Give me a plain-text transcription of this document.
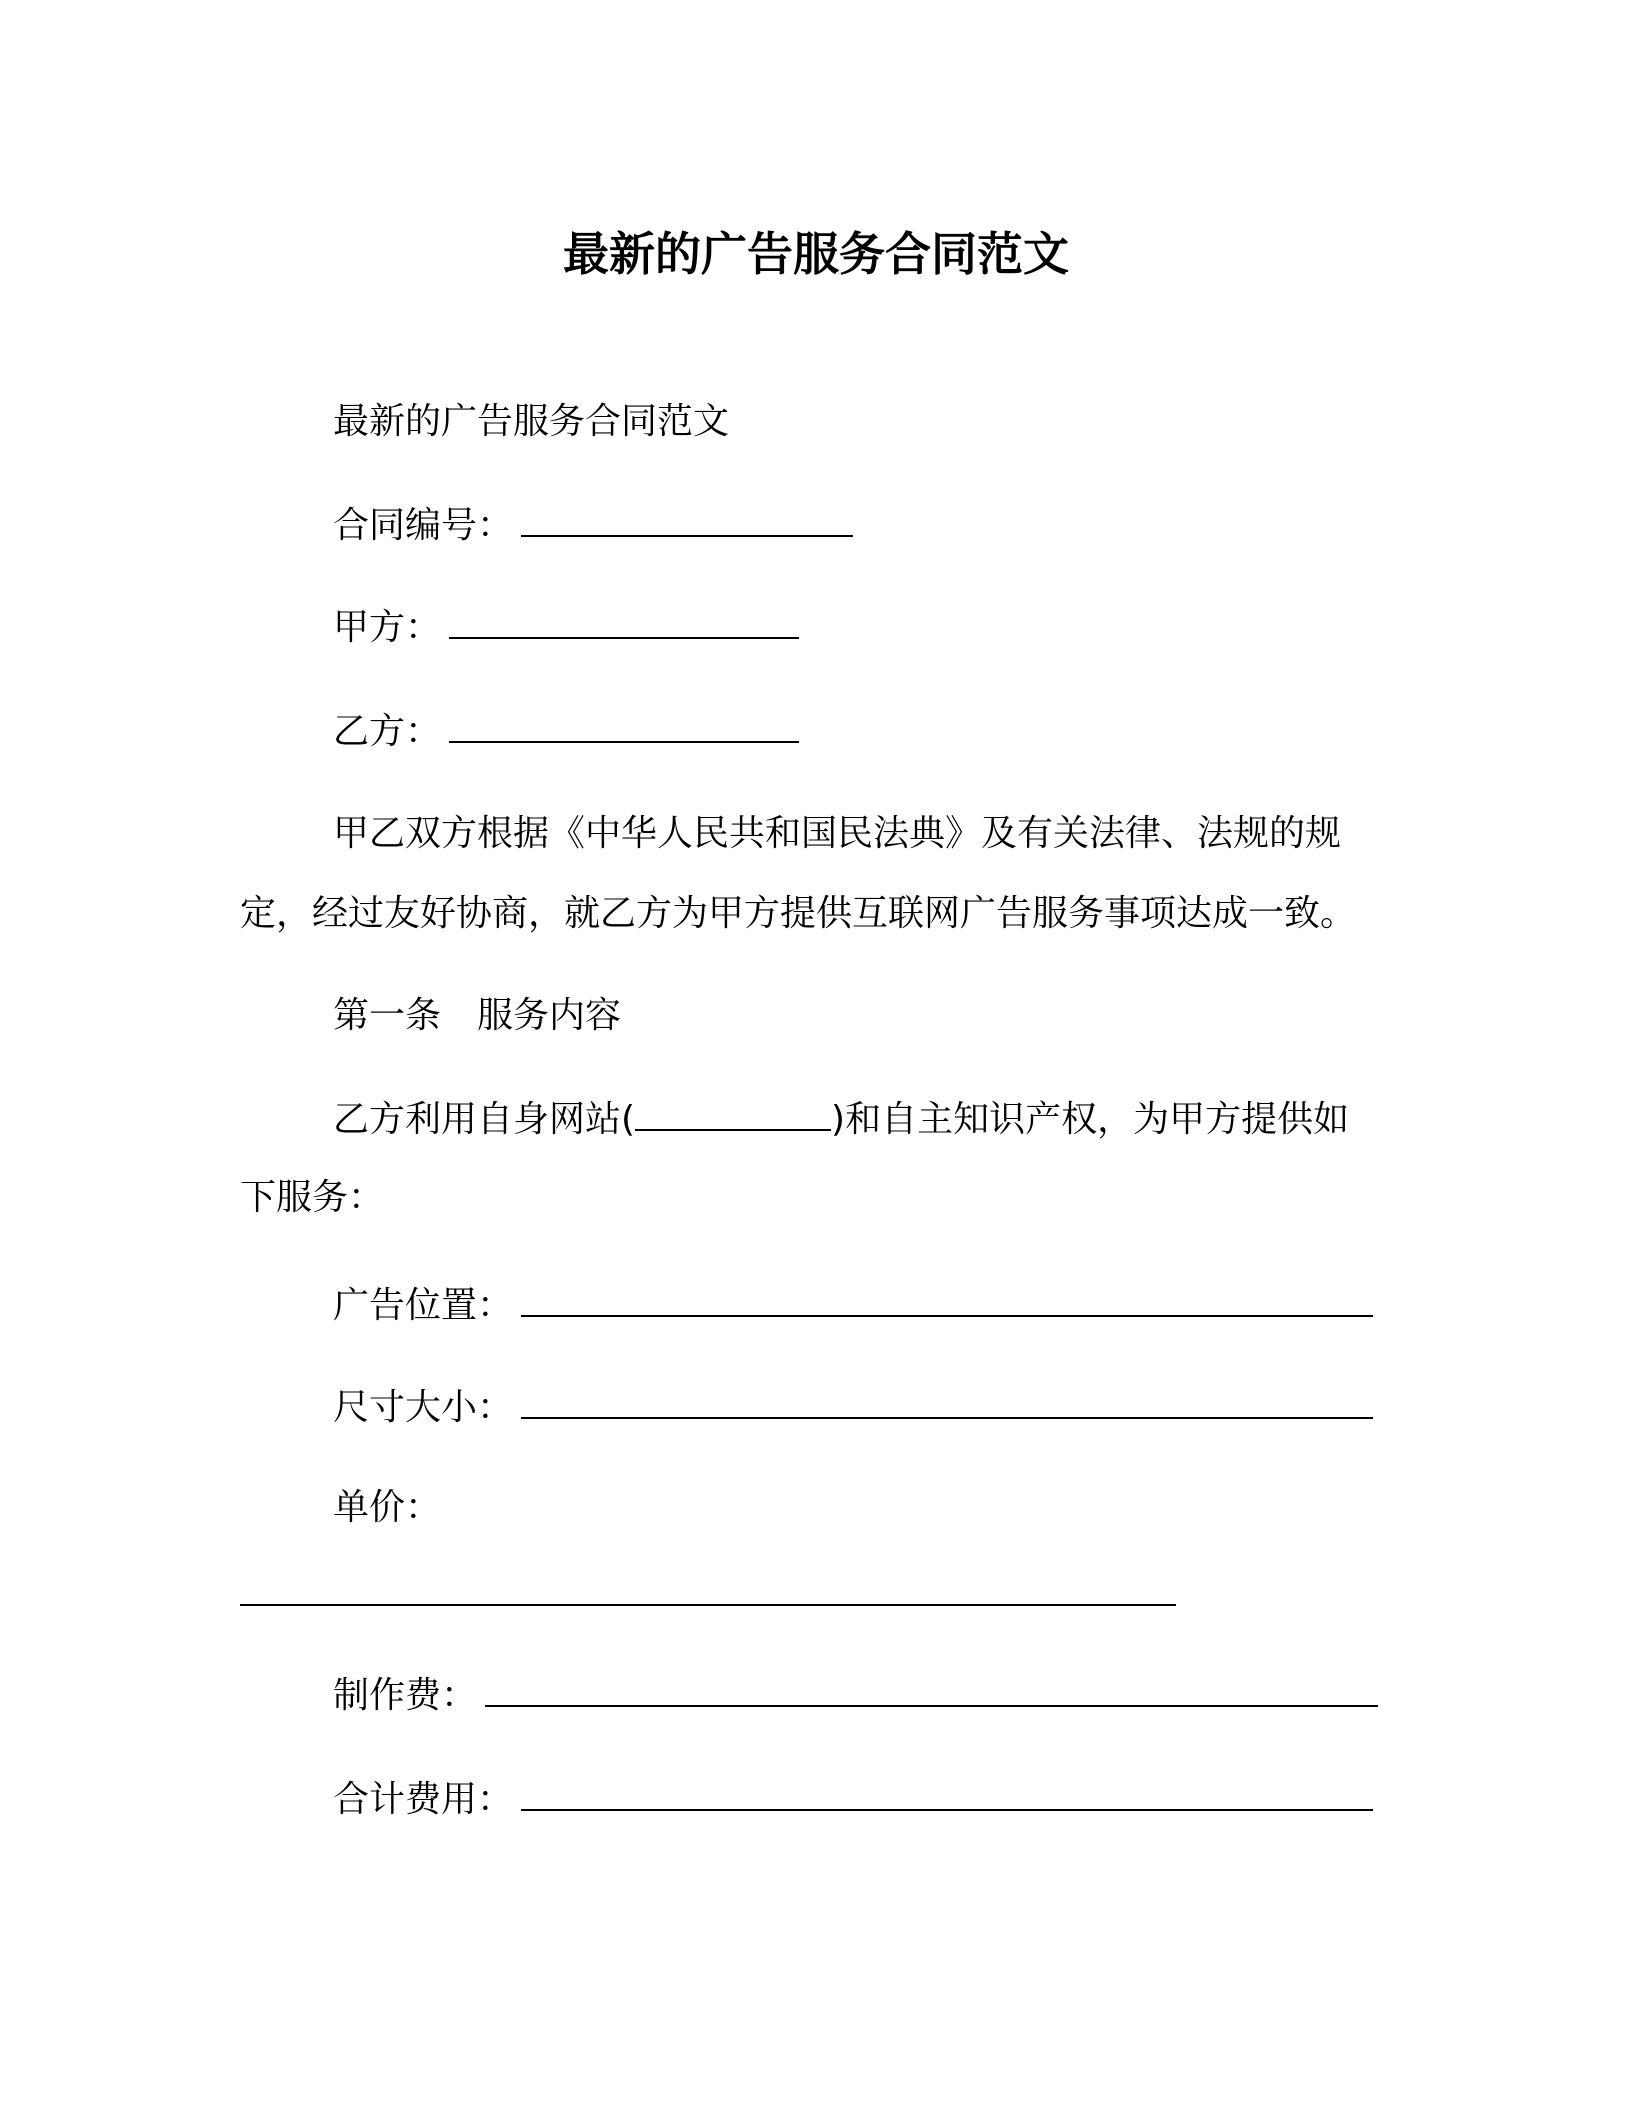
最新的广告服务合同范文
最新的广告服务合同范文
合同编号：
甲方：
乙方：
甲乙双方根据《中华人民共和国民法典》及有关法律、法规的规
定，经过友好协商，就乙方为甲方提供互联网广告服务事项达成一致。
第一条　服务内容
乙方利用自身网站(	)和自主知识产权，为甲方提供如
下服务：
广告位置：
尺寸大小：
单价：
制作费：
合计费用：
